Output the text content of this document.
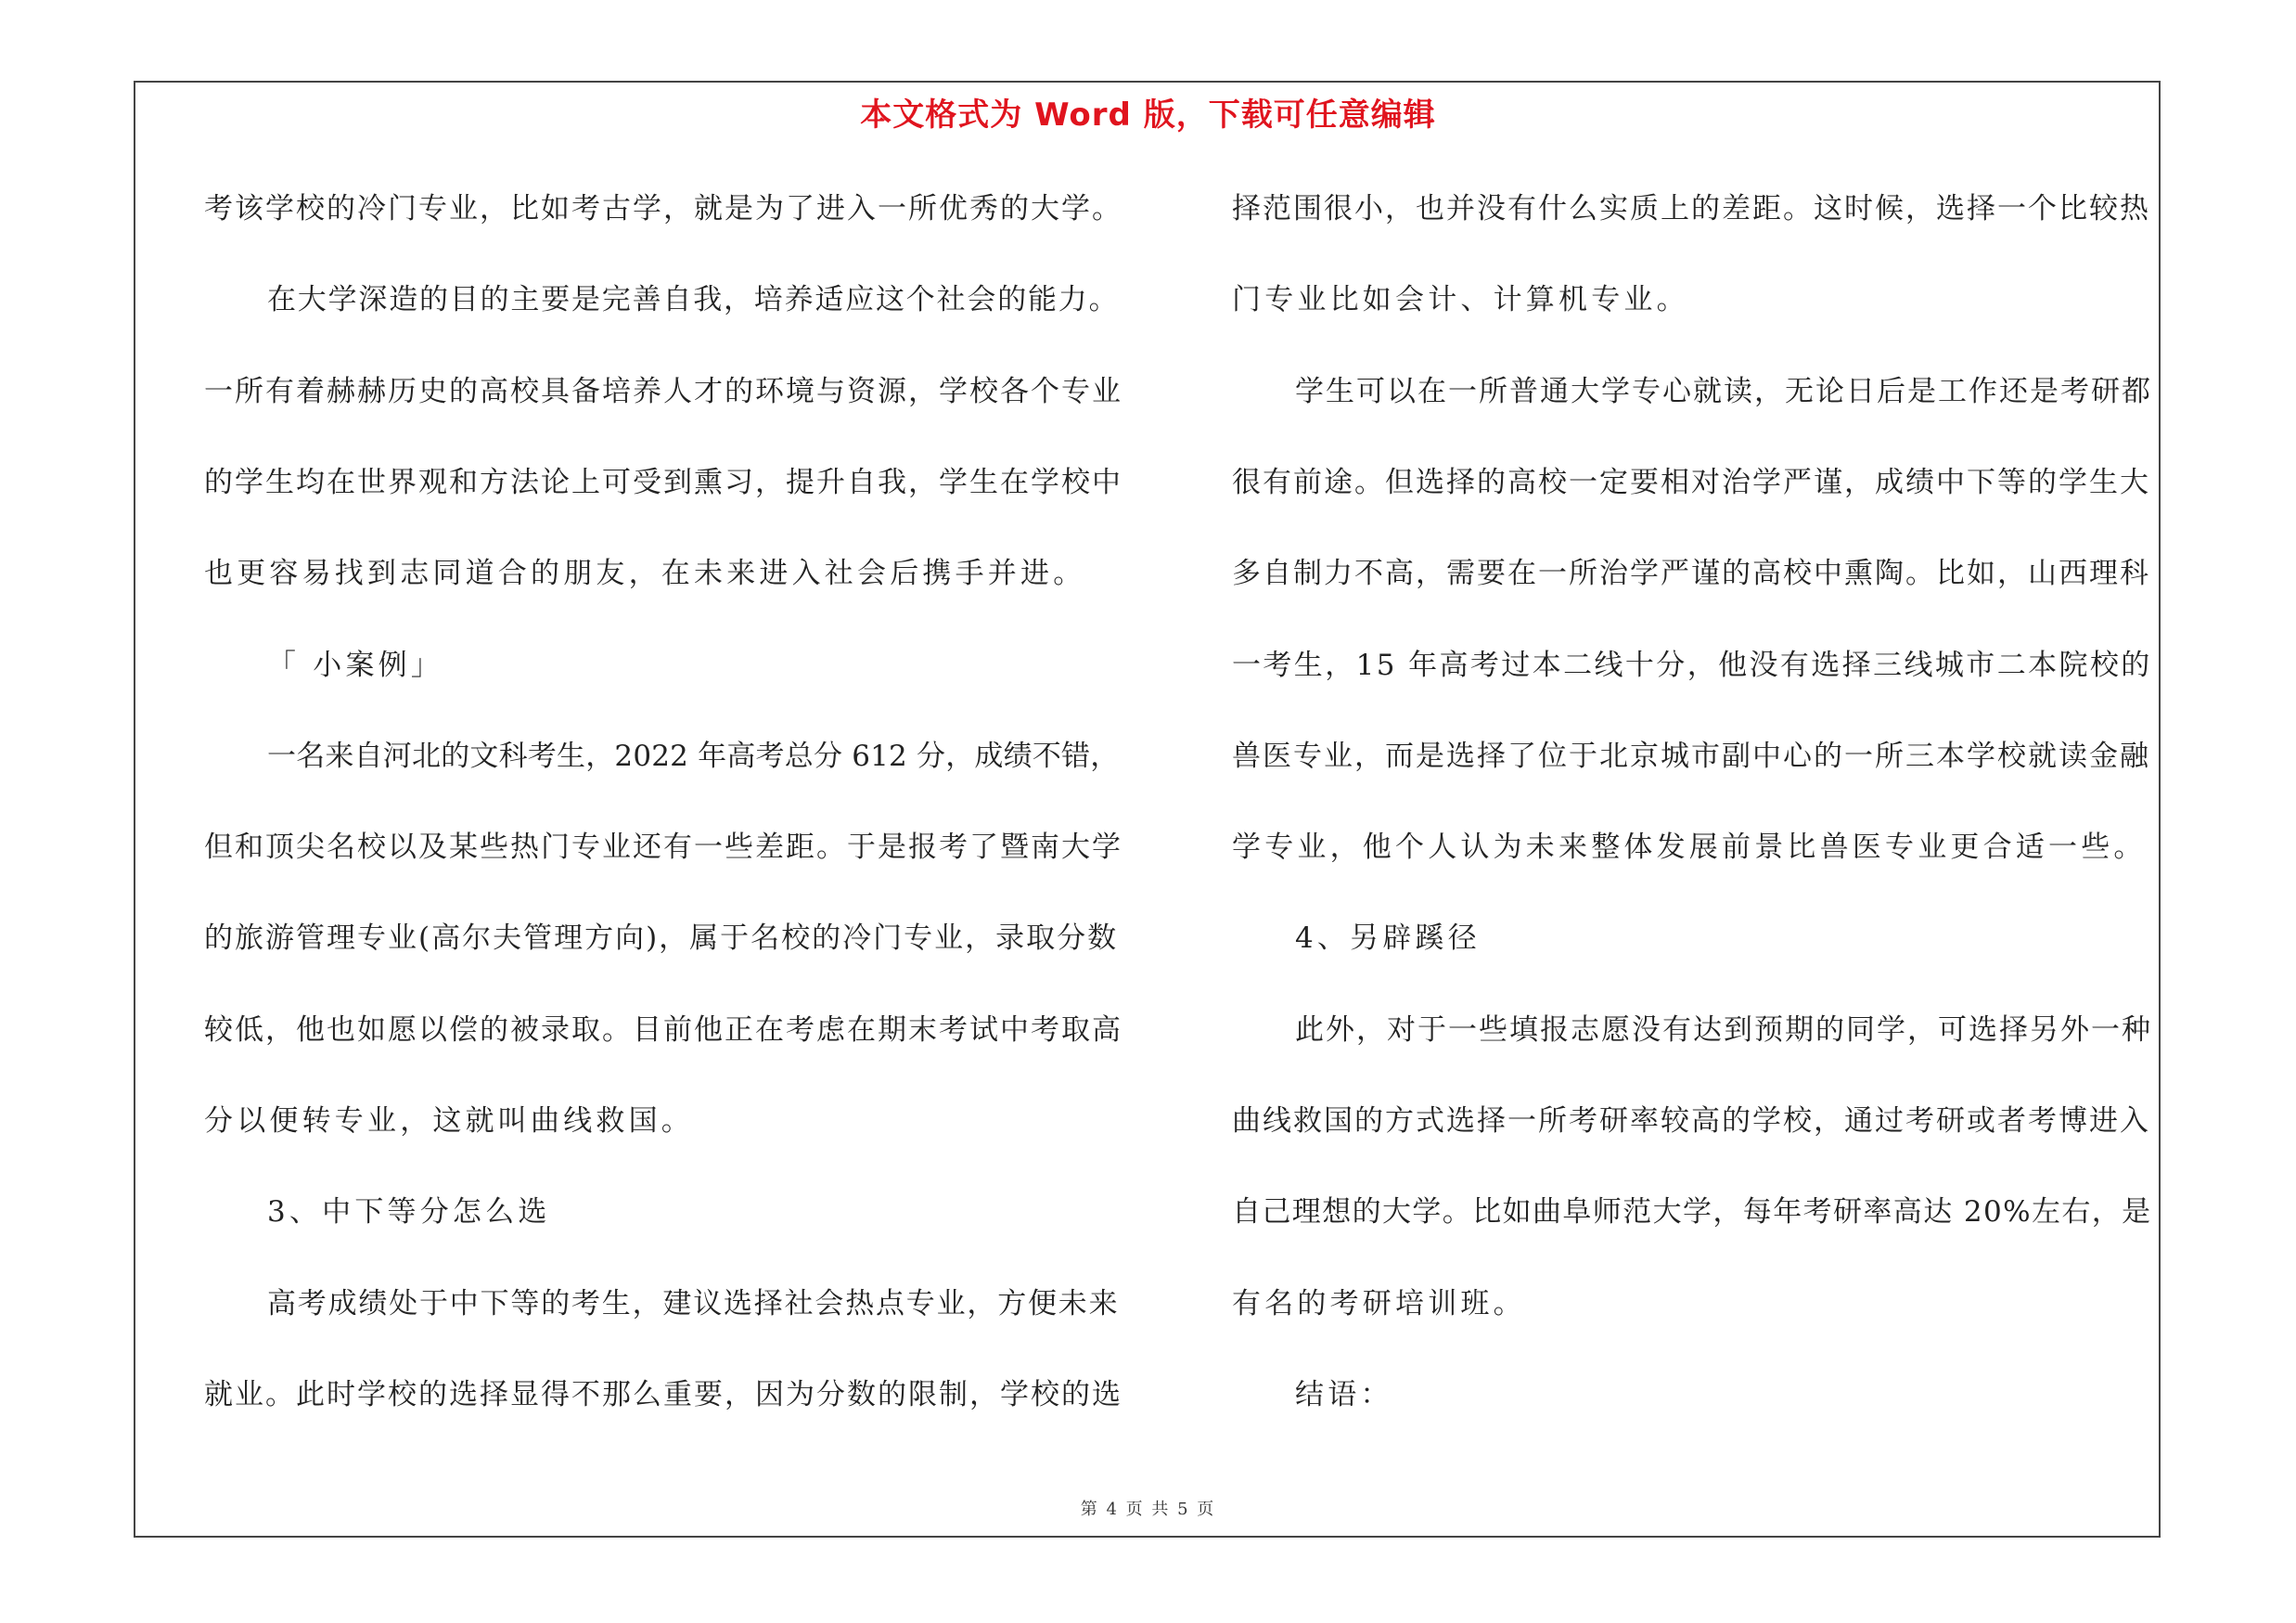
本文格式为 Word 版，下载可任意编辑
考该学校的冷门专业，比如考古学，就是为了进入一所优秀的大学。
在大学深造的目的主要是完善自我，培养适应这个社会的能力。
一所有着赫赫历史的高校具备培养人才的环境与资源，学校各个专业
的学生均在世界观和方法论上可受到熏习，提升自我，学生在学校中
也更容易找到志同道合的朋友，在未来进入社会后携手并进。
「 小案例」
一名来自河北的文科考生，2022 年高考总分 612 分，成绩不错，
但和顶尖名校以及某些热门专业还有一些差距。于是报考了暨南大学
的旅游管理专业(高尔夫管理方向)，属于名校的冷门专业，录取分数
较低，他也如愿以偿的被录取。目前他正在考虑在期末考试中考取高
分以便转专业，这就叫曲线救国。
3、中下等分怎么选
高考成绩处于中下等的考生，建议选择社会热点专业，方便未来
就业。此时学校的选择显得不那么重要，因为分数的限制，学校的选
择范围很小，也并没有什么实质上的差距。这时候，选择一个比较热
门专业比如会计、计算机专业。
学生可以在一所普通大学专心就读，无论日后是工作还是考研都
很有前途。但选择的高校一定要相对治学严谨，成绩中下等的学生大
多自制力不高，需要在一所治学严谨的高校中熏陶。比如，山西理科
一考生，15 年高考过本二线十分，他没有选择三线城市二本院校的
兽医专业，而是选择了位于北京城市副中心的一所三本学校就读金融
学专业，他个人认为未来整体发展前景比兽医专业更合适一些。
4、另辟蹊径
此外，对于一些填报志愿没有达到预期的同学，可选择另外一种
曲线救国的方式选择一所考研率较高的学校，通过考研或者考博进入
自己理想的大学。比如曲阜师范大学，每年考研率高达 20%左右，是
有名的考研培训班。
结语：
第 4 页 共 5 页
